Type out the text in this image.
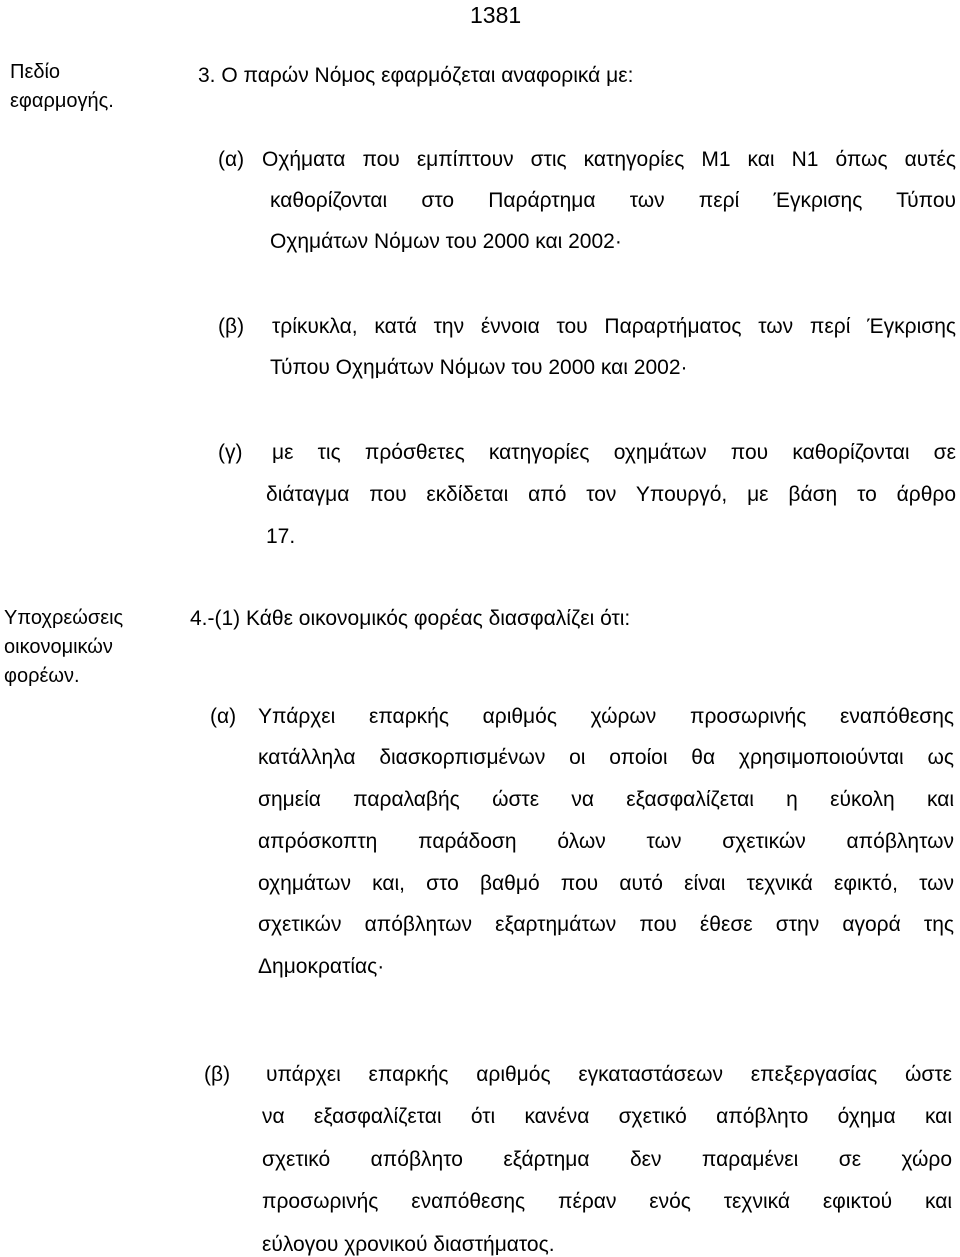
1381
Πεδίο
εφαρμογής.
3. Ο παρών Νόμος εφαρμόζεται αναφορικά με:
(α) Οχήματα που εμπίπτουν στις κατηγορίες Μ1 και Ν1 όπως αυτές
καθορίζονται στο Παράρτημα των περί Έγκρισης Τύπου
Οχημάτων Νόμων του 2000 και 2002·
(β) τρίκυκλα, κατά την έννοια του Παραρτήματος των περί Έγκρισης
Τύπου Οχημάτων Νόμων του 2000 και 2002·
(γ) με τις πρόσθετες κατηγορίες οχημάτων που καθορίζονται σε
διάταγμα που εκδίδεται από τον Υπουργό, με βάση το άρθρο
17.
Υποχρεώσεις
οικονομικών
φορέων.
4.-(1) Κάθε οικονομικός φορέας διασφαλίζει ότι:
(α) Υπάρχει επαρκής αριθμός χώρων προσωρινής εναπόθεσης
κατάλληλα διασκορπισμένων οι οποίοι θα χρησιμοποιούνται ως
σημεία παραλαβής ώστε να εξασφαλίζεται η εύκολη και
απρόσκοπτη παράδοση όλων των σχετικών απόβλητων
οχημάτων και, στο βαθμό που αυτό είναι τεχνικά εφικτό, των
σχετικών απόβλητων εξαρτημάτων που έθεσε στην αγορά της
Δημοκρατίας·
(β) υπάρχει επαρκής αριθμός εγκαταστάσεων επεξεργασίας ώστε
να εξασφαλίζεται ότι κανένα σχετικό απόβλητο όχημα και
σχετικό απόβλητο εξάρτημα δεν παραμένει σε χώρο
προσωρινής εναπόθεσης πέραν ενός τεχνικά εφικτού και
εύλογου χρονικού διαστήματος.
